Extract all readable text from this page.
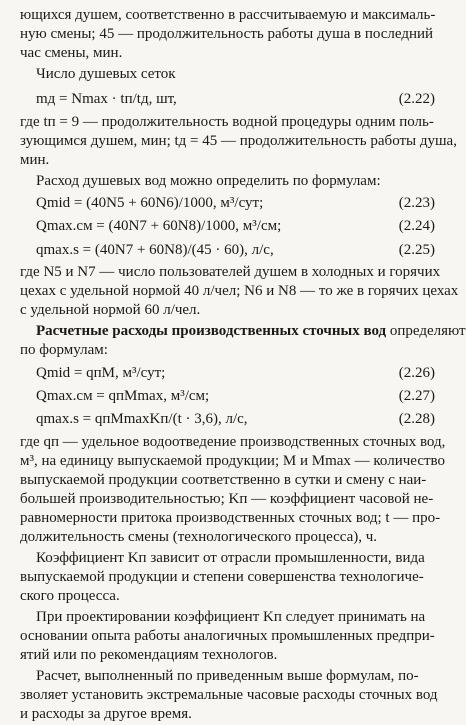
ющихся душем, соответственно в рассчитываемую и максималь-
ную смены; 45 — продолжительность работы душа в последний
час смены, мин.
Число душевых сеток
mд = Nmax · tп/tд, шт,	(2.22)
где tп = 9 — продолжительность водной процедуры одним поль-
зующимся душем, мин; tд = 45 — продолжительность работы душа,
мин.
Расход душевых вод можно определить по формулам:
Qmid = (40N5 + 60N6)/1000, м³/сут;	(2.23)
Qmax.см = (40N7 + 60N8)/1000, м³/см;	(2.24)
qmax.s = (40N7 + 60N8)/(45 · 60), л/с,	(2.25)
где N5 и N7 — число пользователей душем в холодных и горячих
цехах с удельной нормой 40 л/чел; N6 и N8 — то же в горячих цехах
с удельной нормой 60 л/чел.
Расчетные расходы производственных сточных вод определяют
по формулам:
Qmid = qпM, м³/сут;	(2.26)
Qmax.см = qпMmax, м³/см;	(2.27)
qmax.s = qпMmaxKп/(t · 3,6), л/с,	(2.28)
где qп — удельное водоотведение производственных сточных вод,
м³, на единицу выпускаемой продукции; M и Mmax — количество
выпускаемой продукции соответственно в сутки и смену с наи-
большей производительностью; Kп — коэффициент часовой не-
равномерности притока производственных сточных вод; t — про-
должительность смены (технологического процесса), ч.
Коэффициент Kп зависит от отрасли промышленности, вида
выпускаемой продукции и степени совершенства технологиче-
ского процесса.
При проектировании коэффициент Kп следует принимать на
основании опыта работы аналогичных промышленных предпри-
ятий или по рекомендациям технологов.
Расчет, выполненный по приведенным выше формулам, по-
зволяет установить экстремальные часовые расходы сточных вод
и расходы за другое время.
